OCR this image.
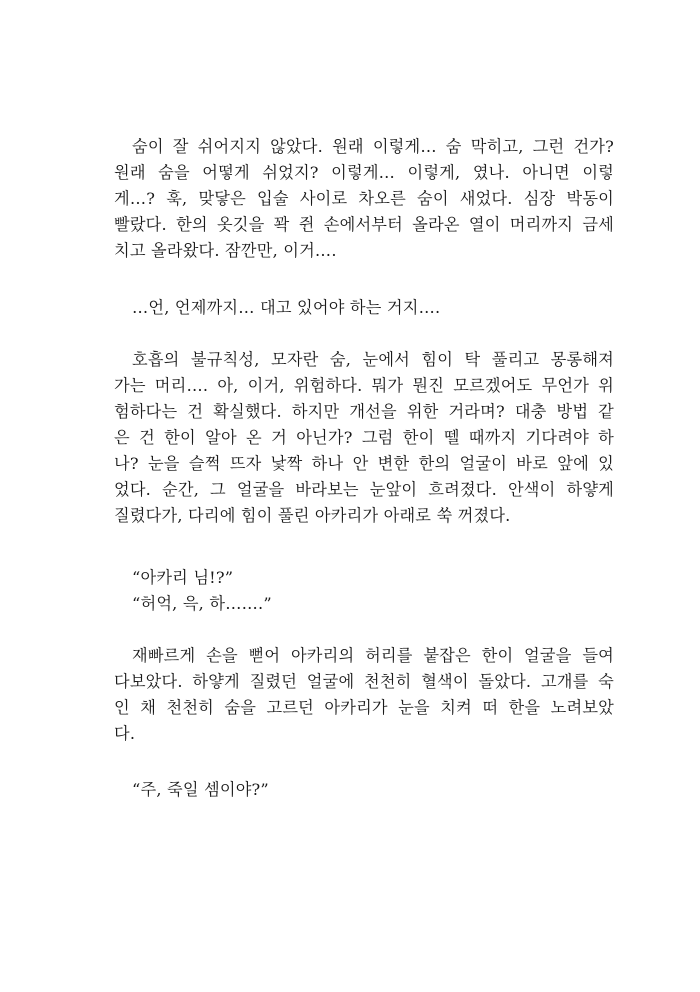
숨이 잘 쉬어지지 않았다. 원래 이렇게… 숨 막히고, 그런 건가?
원래 숨을 어떻게 쉬었지? 이렇게… 이렇게, 였나. 아니면 이렇
게…? 훅, 맞닿은 입술 사이로 차오른 숨이 새었다. 심장 박동이
빨랐다. 한의 옷깃을 꽉 쥔 손에서부터 올라온 열이 머리까지 금세
치고 올라왔다. 잠깐만, 이거….
…언, 언제까지… 대고 있어야 하는 거지….
호흡의 불규칙성, 모자란 숨, 눈에서 힘이 탁 풀리고 몽롱해져
가는 머리…. 아, 이거, 위험하다. 뭐가 뭔진 모르겠어도 무언가 위
험하다는 건 확실했다. 하지만 개선을 위한 거라며? 대충 방법 같
은 건 한이 알아 온 거 아닌가? 그럼 한이 뗄 때까지 기다려야 하
나? 눈을 슬쩍 뜨자 낯짝 하나 안 변한 한의 얼굴이 바로 앞에 있
었다. 순간, 그 얼굴을 바라보는 눈앞이 흐려졌다. 안색이 하얗게
질렸다가, 다리에 힘이 풀린 아카리가 아래로 쑥 꺼졌다.
“아카리 님!?”
“허억, 윽, 하…….”
재빠르게 손을 뻗어 아카리의 허리를 붙잡은 한이 얼굴을 들여
다보았다. 하얗게 질렸던 얼굴에 천천히 혈색이 돌았다. 고개를 숙
인 채 천천히 숨을 고르던 아카리가 눈을 치켜 떠 한을 노려보았
다.
“주, 죽일 셈이야?”
